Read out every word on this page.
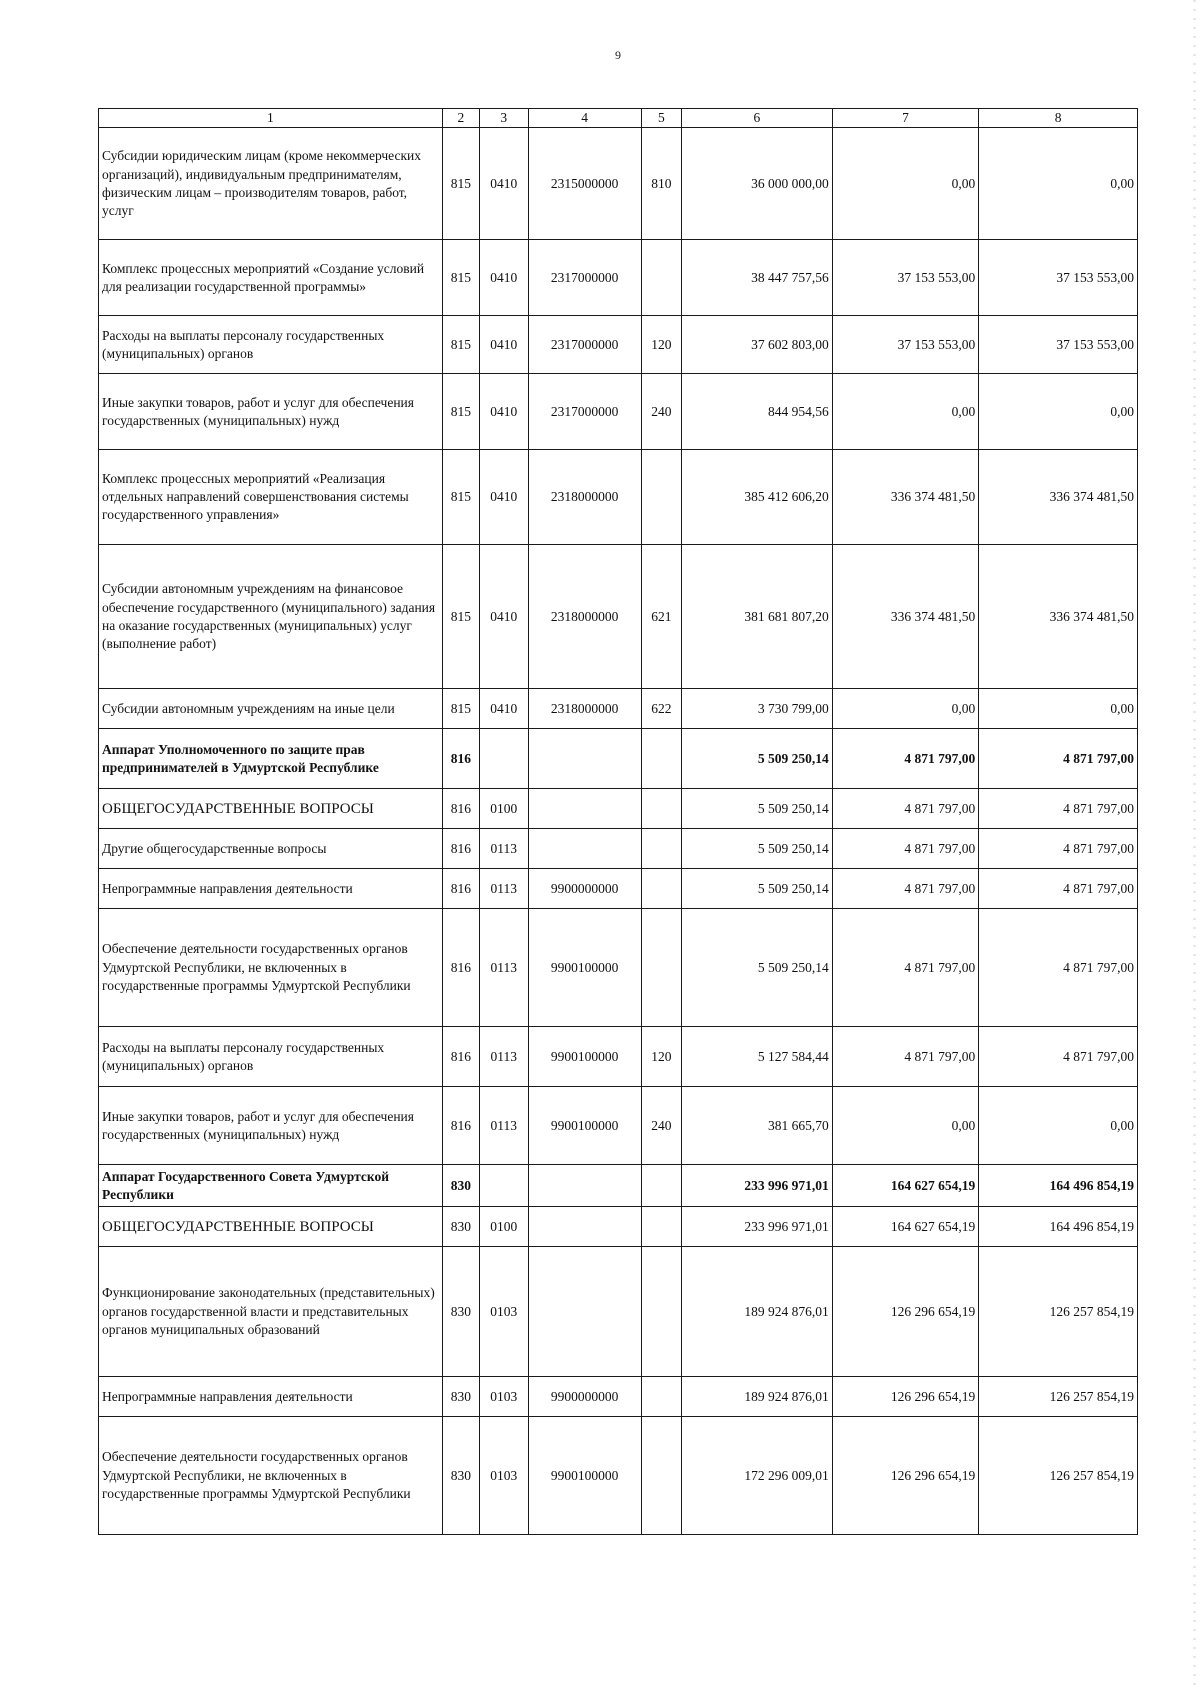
9
1	2	3	4	5	6	7	8
Субсидии юридическим лицам (кроме некоммерческих организаций), индивидуальным предпринимателям, физическим лицам – производителям товаров, работ, услуг	815	0410	2315000000	810	36 000 000,00	0,00	0,00
Комплекс процессных мероприятий «Создание условий для реализации государственной программы»	815	0410	2317000000		38 447 757,56	37 153 553,00	37 153 553,00
Расходы на выплаты персоналу государственных (муниципальных) органов	815	0410	2317000000	120	37 602 803,00	37 153 553,00	37 153 553,00
Иные закупки товаров, работ и услуг для обеспечения государственных (муниципальных) нужд	815	0410	2317000000	240	844 954,56	0,00	0,00
Комплекс процессных мероприятий «Реализация отдельных направлений совершенствования системы государственного управления»	815	0410	2318000000		385 412 606,20	336 374 481,50	336 374 481,50
Субсидии автономным учреждениям на финансовое обеспечение государственного (муниципального) задания на оказание государственных (муниципальных) услуг (выполнение работ)	815	0410	2318000000	621	381 681 807,20	336 374 481,50	336 374 481,50
Субсидии автономным учреждениям на иные цели	815	0410	2318000000	622	3 730 799,00	0,00	0,00
Аппарат Уполномоченного по защите прав предпринимателей в Удмуртской Республике	816				5 509 250,14	4 871 797,00	4 871 797,00
ОБЩЕГОСУДАРСТВЕННЫЕ ВОПРОСЫ	816	0100			5 509 250,14	4 871 797,00	4 871 797,00
Другие общегосударственные вопросы	816	0113			5 509 250,14	4 871 797,00	4 871 797,00
Непрограммные направления деятельности	816	0113	9900000000		5 509 250,14	4 871 797,00	4 871 797,00
Обеспечение деятельности государственных органов Удмуртской Республики, не включенных в государственные программы Удмуртской Республики	816	0113	9900100000		5 509 250,14	4 871 797,00	4 871 797,00
Расходы на выплаты персоналу государственных (муниципальных) органов	816	0113	9900100000	120	5 127 584,44	4 871 797,00	4 871 797,00
Иные закупки товаров, работ и услуг для обеспечения государственных (муниципальных) нужд	816	0113	9900100000	240	381 665,70	0,00	0,00
Аппарат Государственного Совета Удмуртской Республики	830				233 996 971,01	164 627 654,19	164 496 854,19
ОБЩЕГОСУДАРСТВЕННЫЕ ВОПРОСЫ	830	0100			233 996 971,01	164 627 654,19	164 496 854,19
Функционирование законодательных (представительных) органов государственной власти и представительных органов муниципальных образований	830	0103			189 924 876,01	126 296 654,19	126 257 854,19
Непрограммные направления деятельности	830	0103	9900000000		189 924 876,01	126 296 654,19	126 257 854,19
Обеспечение деятельности государственных органов Удмуртской Республики, не включенных в государственные программы Удмуртской Республики	830	0103	9900100000		172 296 009,01	126 296 654,19	126 257 854,19
